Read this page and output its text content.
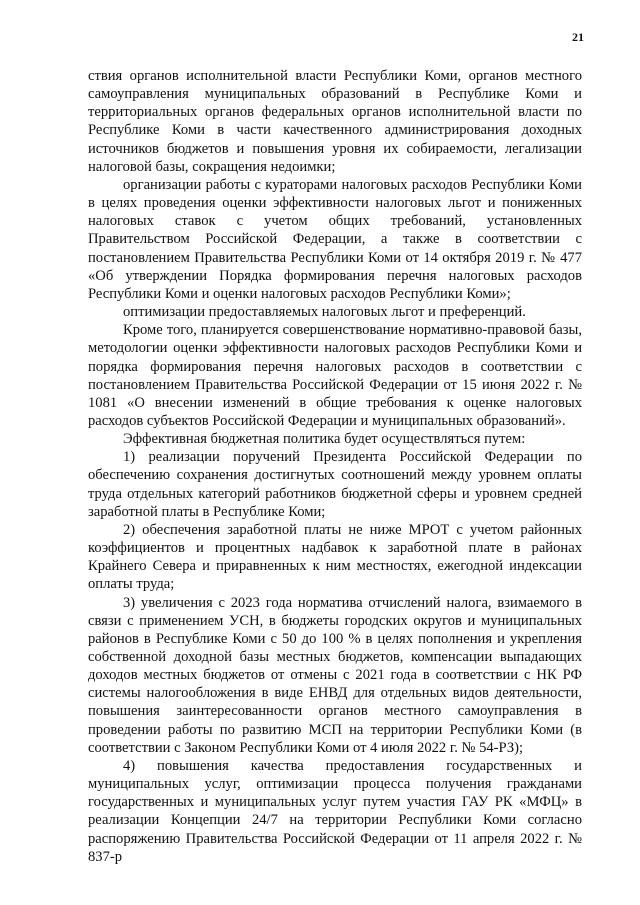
21

ствия органов исполнительной власти Республики Коми, органов местного самоуправления муниципальных образований в Республике Коми и территориальных органов федеральных органов исполнительной власти по Республике Коми в части качественного администрирования доходных источников бюджетов и повышения уровня их собираемости, легализации налоговой базы, сокращения недоимки;

организации работы с кураторами налоговых расходов Республики Коми в целях проведения оценки эффективности налоговых льгот и пониженных налоговых ставок с учетом общих требований, установленных Правительством Российской Федерации, а также в соответствии с постановлением Правительства Республики Коми от 14 октября 2019 г. № 477 «Об утверждении Порядка формирования перечня налоговых расходов Республики Коми и оценки налоговых расходов Республики Коми»;

оптимизации предоставляемых налоговых льгот и преференций.

Кроме того, планируется совершенствование нормативно-правовой базы, методологии оценки эффективности налоговых расходов Республики Коми и порядка формирования перечня налоговых расходов в соответствии с постановлением Правительства Российской Федерации от 15 июня 2022 г. № 1081 «О внесении изменений в общие требования к оценке налоговых расходов субъектов Российской Федерации и муниципальных образований».

Эффективная бюджетная политика будет осуществляться путем:

1) реализации поручений Президента Российской Федерации по обеспечению сохранения достигнутых соотношений между уровнем оплаты труда отдельных категорий работников бюджетной сферы и уровнем средней заработной платы в Республике Коми;

2) обеспечения заработной платы не ниже МРОТ с учетом районных коэффициентов и процентных надбавок к заработной плате в районах Крайнего Севера и приравненных к ним местностях, ежегодной индексации оплаты труда;

3) увеличения с 2023 года норматива отчислений налога, взимаемого в связи с применением УСН, в бюджеты городских округов и муниципальных районов в Республике Коми с 50 до 100 % в целях пополнения и укрепления собственной доходной базы местных бюджетов, компенсации выпадающих доходов местных бюджетов от отмены с 2021 года в соответствии с НК РФ системы налогообложения в виде ЕНВД для отдельных видов деятельности, повышения заинтересованности органов местного самоуправления в проведении работы по развитию МСП на территории Республики Коми (в соответствии с Законом Республики Коми от 4 июля 2022 г. № 54-РЗ);

4) повышения качества предоставления государственных и муниципальных услуг, оптимизации процесса получения гражданами государственных и муниципальных услуг путем участия ГАУ РК «МФЦ» в реализации Концепции 24/7 на территории Республики Коми согласно распоряжению Правительства Российской Федерации от 11 апреля 2022 г. № 837-р
